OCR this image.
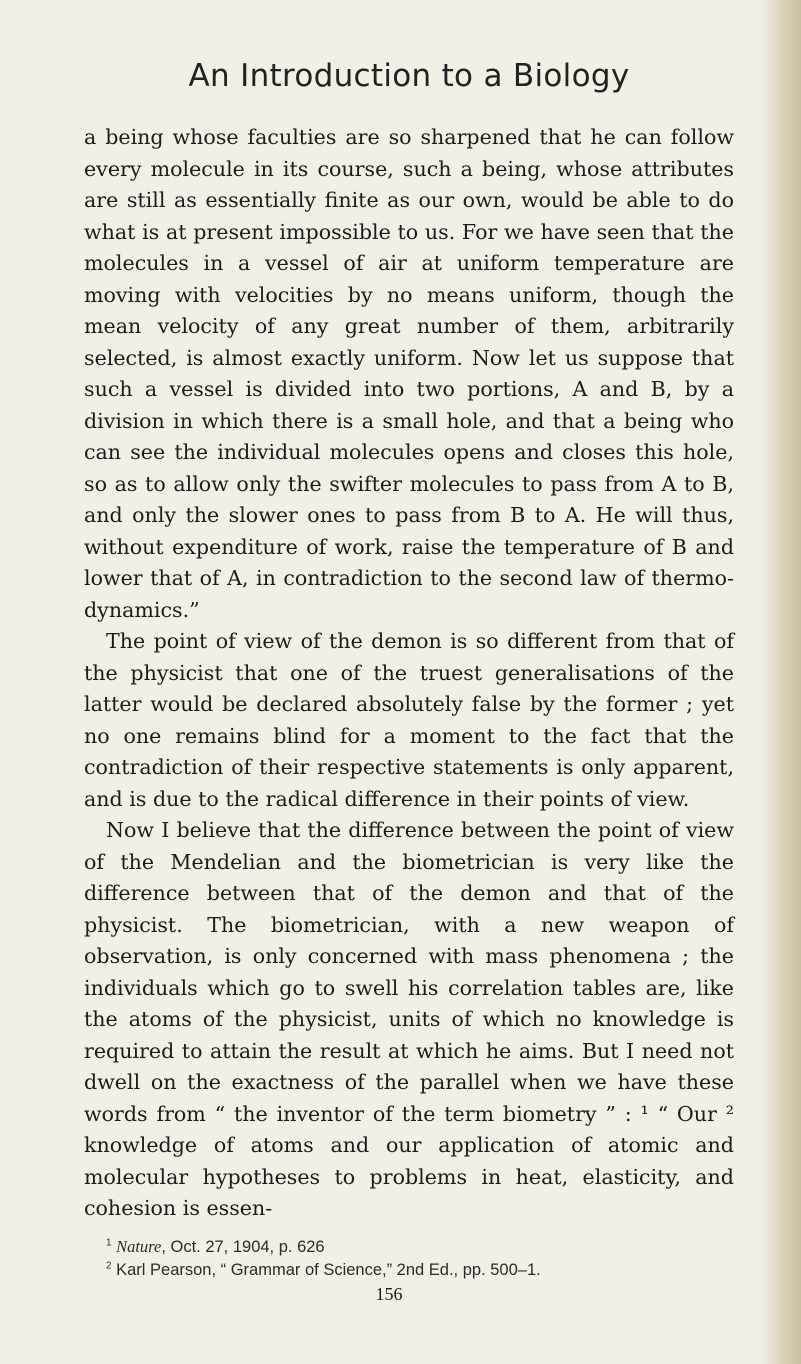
An Introduction to a Biology

a being whose faculties are so sharpened that he can follow every molecule in its course, such a being, whose attributes are still as essentially finite as our own, would be able to do what is at present impossible to us. For we have seen that the molecules in a vessel of air at uniform temperature are moving with velocities by no means uniform, though the mean velocity of any great number of them, arbitrarily selected, is almost exactly uniform. Now let us suppose that such a vessel is divided into two portions, A and B, by a division in which there is a small hole, and that a being who can see the individual molecules opens and closes this hole, so as to allow only the swifter molecules to pass from A to B, and only the slower ones to pass from B to A. He will thus, without expenditure of work, raise the temperature of B and lower that of A, in contradiction to the second law of thermo-dynamics.”

The point of view of the demon is so different from that of the physicist that one of the truest generalisations of the latter would be declared absolutely false by the former ; yet no one remains blind for a moment to the fact that the contradiction of their respective statements is only apparent, and is due to the radical difference in their points of view.

Now I believe that the difference between the point of view of the Mendelian and the biometrician is very like the difference between that of the demon and that of the physicist. The biometrician, with a new weapon of observation, is only concerned with mass phenomena ; the individuals which go to swell his correlation tables are, like the atoms of the physicist, units of which no knowledge is required to attain the result at which he aims. But I need not dwell on the exactness of the parallel when we have these words from “ the inventor of the term biometry ” : ¹ “ Our ² knowledge of atoms and our application of atomic and molecular hypotheses to problems in heat, elasticity, and cohesion is essen-

$^1$ Nature, Oct. 27, 1904, p. 626
$^2$ Karl Pearson, “ Grammar of Science,” 2nd Ed., pp. 500–1.
156
